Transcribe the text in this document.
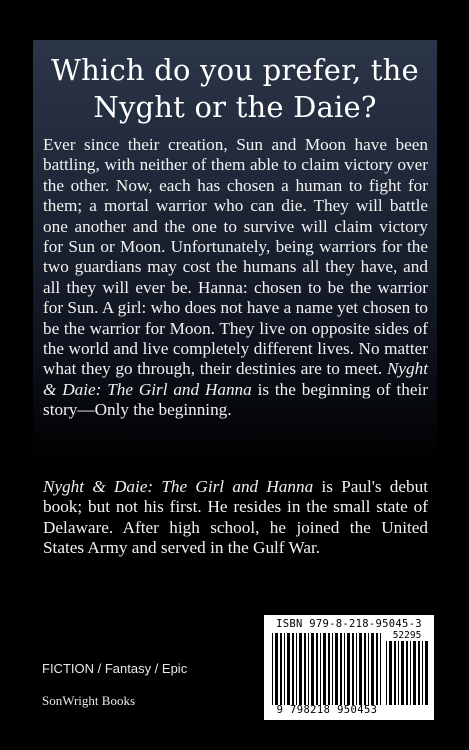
Which do you prefer, the Nyght or the Daie?
Ever since their creation, Sun and Moon have been battling, with neither of them able to claim victory over the other. Now, each has chosen a human to fight for them; a mortal warrior who can die. They will battle one another and the one to survive will claim victory for Sun or Moon. Unfortunately, being warriors for the two guardians may cost the humans all they have, and all they will ever be. Hanna: chosen to be the warrior for Sun. A girl: who does not have a name yet chosen to be the warrior for Moon. They live on opposite sides of the world and live completely different lives. No matter what they go through, their destinies are to meet. Nyght & Daie: The Girl and Hanna is the beginning of their story—Only the beginning.
Nyght & Daie: The Girl and Hanna is Paul's debut book; but not his first. He resides in the small state of Delaware. After high school, he joined the United States Army and served in the Gulf War.
FICTION / Fantasy / Epic
SonWright Books
ISBN 979-8-218-95045-3
52295
9 798218 950453
